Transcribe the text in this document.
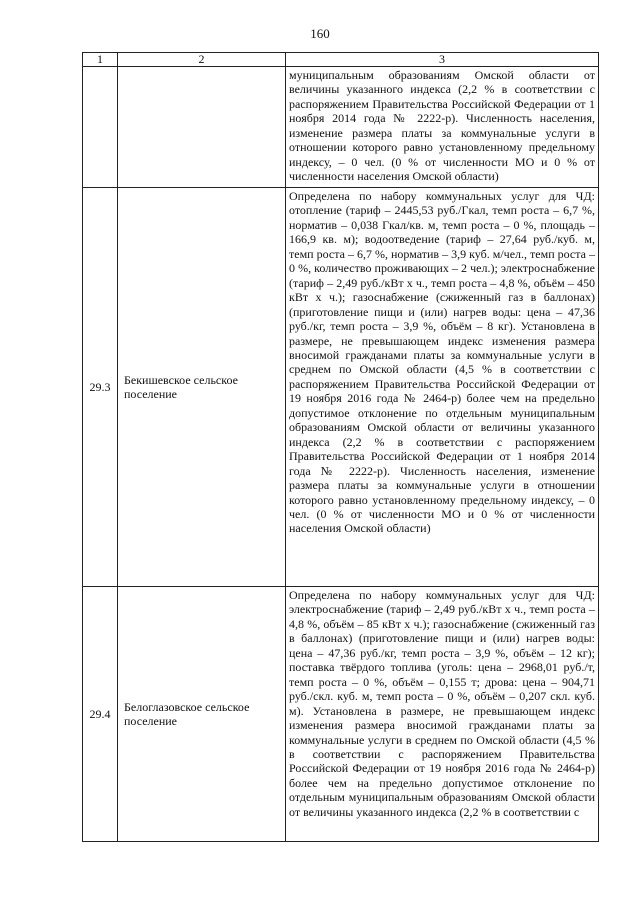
160
1	2	3
		муниципальным образованиям Омской области от величины указанного индекса (2,2 % в соответствии с распоряжением Правительства Российской Федерации от 1 ноября 2014 года № 2222-р). Численность населения, изменение размера платы за коммунальные услуги в отношении которого равно установленному предельному индексу, – 0 чел. (0 % от численности МО и 0 % от численности населения Омской области)
29.3	Бекишевское сельское поселение	Определена по набору коммунальных услуг для ЧД: отопление (тариф – 2445,53 руб./Гкал, темп роста – 6,7 %, норматив – 0,038 Гкал/кв. м, темп роста – 0 %, площадь – 166,9 кв. м); водоотведение (тариф – 27,64 руб./куб. м, темп роста – 6,7 %, норматив – 3,9 куб. м/чел., темп роста – 0 %, количество проживающих – 2 чел.); электроснабжение (тариф – 2,49 руб./кВт х ч., темп роста – 4,8 %, объём – 450 кВт х ч.); газоснабжение (сжиженный газ в баллонах) (приготовление пищи и (или) нагрев воды: цена – 47,36 руб./кг, темп роста – 3,9 %, объём – 8 кг). Установлена в размере, не превышающем индекс изменения размера вносимой гражданами платы за коммунальные услуги в среднем по Омской области (4,5 % в соответствии с распоряжением Правительства Российской Федерации от 19 ноября 2016 года № 2464-р) более чем на предельно допустимое отклонение по отдельным муниципальным образованиям Омской области от величины указанного индекса (2,2 % в соответствии с распоряжением Правительства Российской Федерации от 1 ноября 2014 года № 2222-р). Численность населения, изменение размера платы за коммунальные услуги в отношении которого равно установленному предельному индексу, – 0 чел. (0 % от численности МО и 0 % от численности населения Омской области)
29.4	Белоглазовское сельское поселение	Определена по набору коммунальных услуг для ЧД: электроснабжение (тариф – 2,49 руб./кВт х ч., темп роста – 4,8 %, объём – 85 кВт х ч.); газоснабжение (сжиженный газ в баллонах) (приготовление пищи и (или) нагрев воды: цена – 47,36 руб./кг, темп роста – 3,9 %, объём – 12 кг); поставка твёрдого топлива (уголь: цена – 2968,01 руб./т, темп роста – 0 %, объём – 0,155 т; дрова: цена – 904,71 руб./скл. куб. м, темп роста – 0 %, объём – 0,207 скл. куб. м). Установлена в размере, не превышающем индекс изменения размера вносимой гражданами платы за коммунальные услуги в среднем по Омской области (4,5 % в соответствии с распоряжением Правительства Российской Федерации от 19 ноября 2016 года № 2464-р) более чем на предельно допустимое отклонение по отдельным муниципальным образованиям Омской области от величины указанного индекса (2,2 % в соответствии с
